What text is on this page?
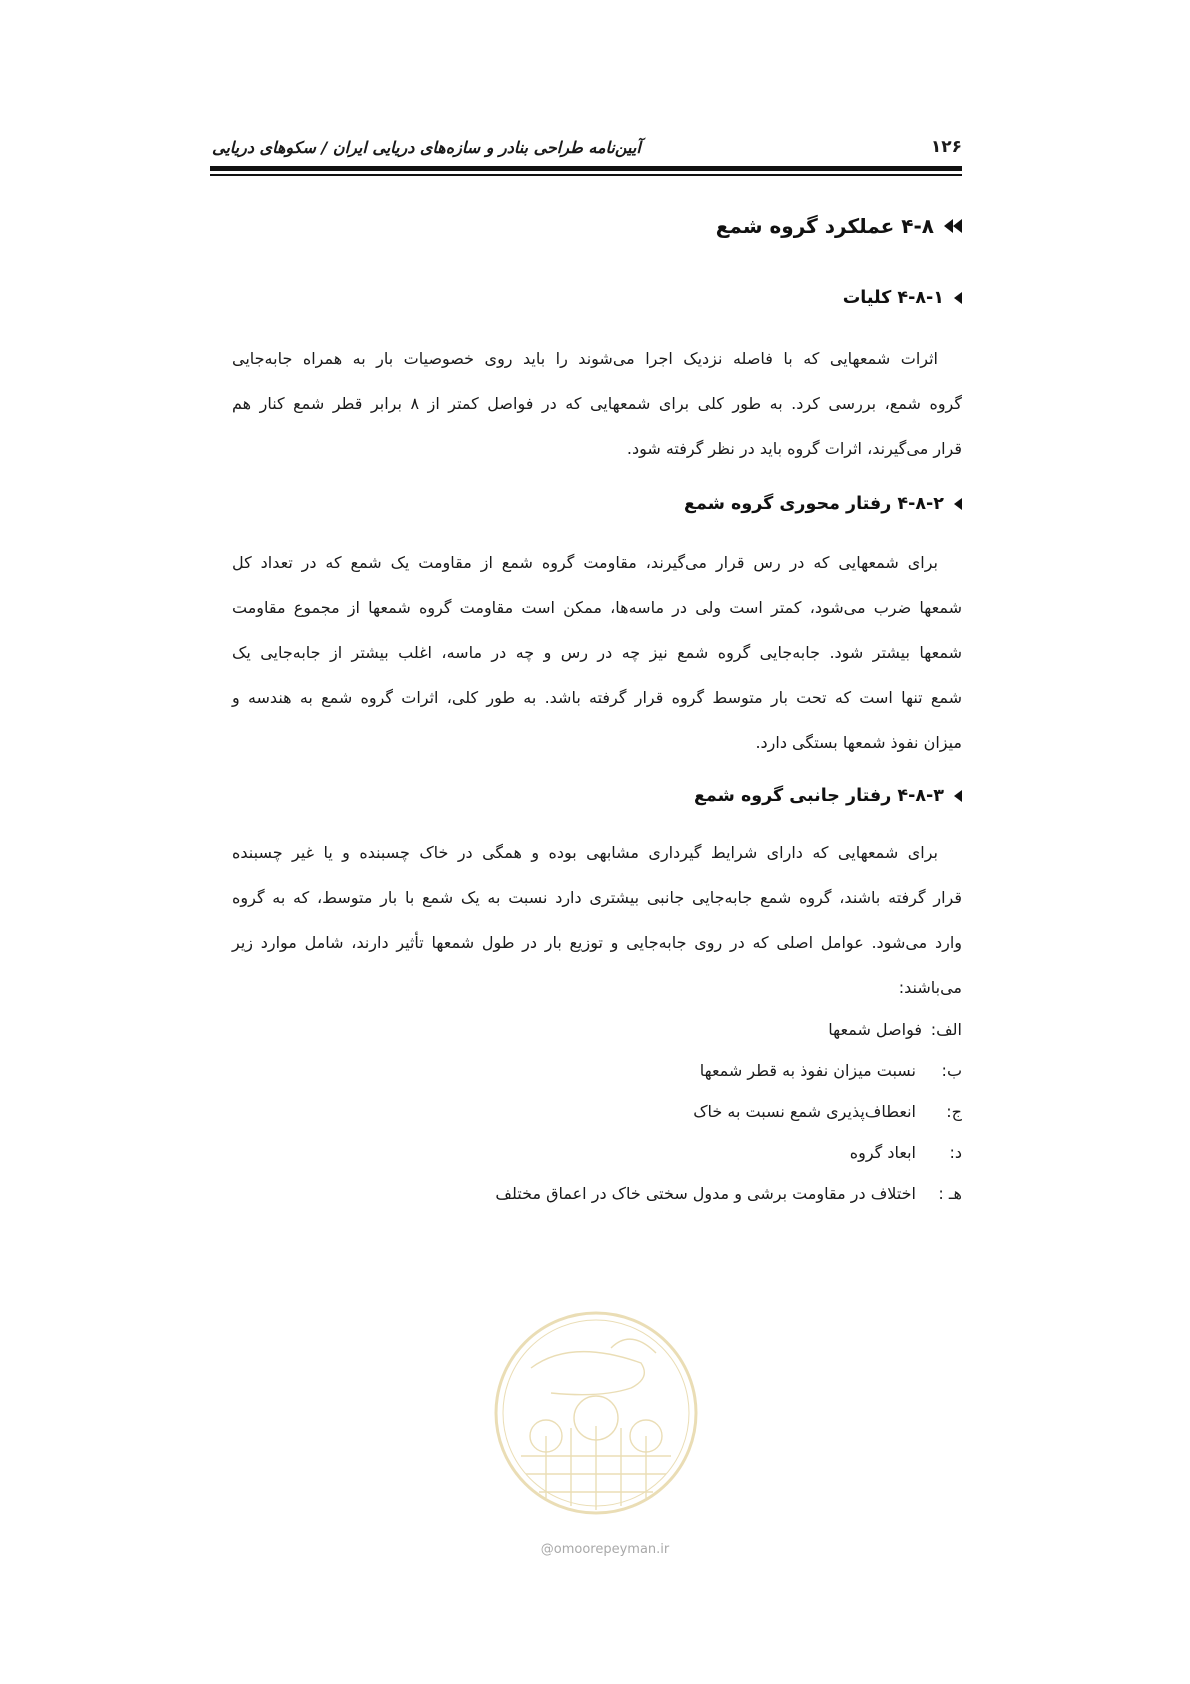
۱۲۶
آیین‌نامه طراحی بنادر و سازه‌های دریایی ایران / سکوهای دریایی
۴-۸ عملکرد گروه شمع
۴-۸-۱ کلیات
اثرات شمعهایی که با فاصله نزدیک اجرا می‌شوند را باید روی خصوصیات بار به همراه جابه‌جایی
گروه شمع، بررسی کرد. به طور کلی برای شمعهایی که در فواصل کمتر از ۸ برابر قطر شمع کنار هم
قرار می‌گیرند، اثرات گروه باید در نظر گرفته شود.
۴-۸-۲ رفتار محوری گروه شمع
برای شمعهایی که در رس قرار می‌گیرند، مقاومت گروه شمع از مقاومت یک شمع که در تعداد کل
شمعها ضرب می‌شود، کمتر است ولی در ماسه‌ها، ممکن است مقاومت گروه شمعها از مجموع مقاومت
شمعها بیشتر شود. جابه‌جایی گروه شمع نیز چه در رس و چه در ماسه، اغلب بیشتر از جابه‌جایی یک
شمع تنها است که تحت بار متوسط گروه قرار گرفته باشد. به طور کلی، اثرات گروه شمع به هندسه و
میزان نفوذ شمعها بستگی دارد.
۴-۸-۳ رفتار جانبی گروه شمع
برای شمعهایی که دارای شرایط گیرداری مشابهی بوده و همگی در خاک چسبنده و یا غیر چسبنده
قرار گرفته باشند، گروه شمع جابه‌جایی جانبی بیشتری دارد نسبت به یک شمع با بار متوسط، که به گروه
وارد می‌شود. عوامل اصلی که در روی جابه‌جایی و توزیع بار در طول شمعها تأثیر دارند، شامل موارد زیر
می‌باشند:
الف:
فواصل شمعها
ب:
نسبت میزان نفوذ به قطر شمعها
ج:
انعطاف‌پذیری شمع نسبت به خاک
د:
ابعاد گروه
هـ :
اختلاف در مقاومت برشی و مدول سختی خاک در اعماق مختلف
@omoorepeyman.ir
